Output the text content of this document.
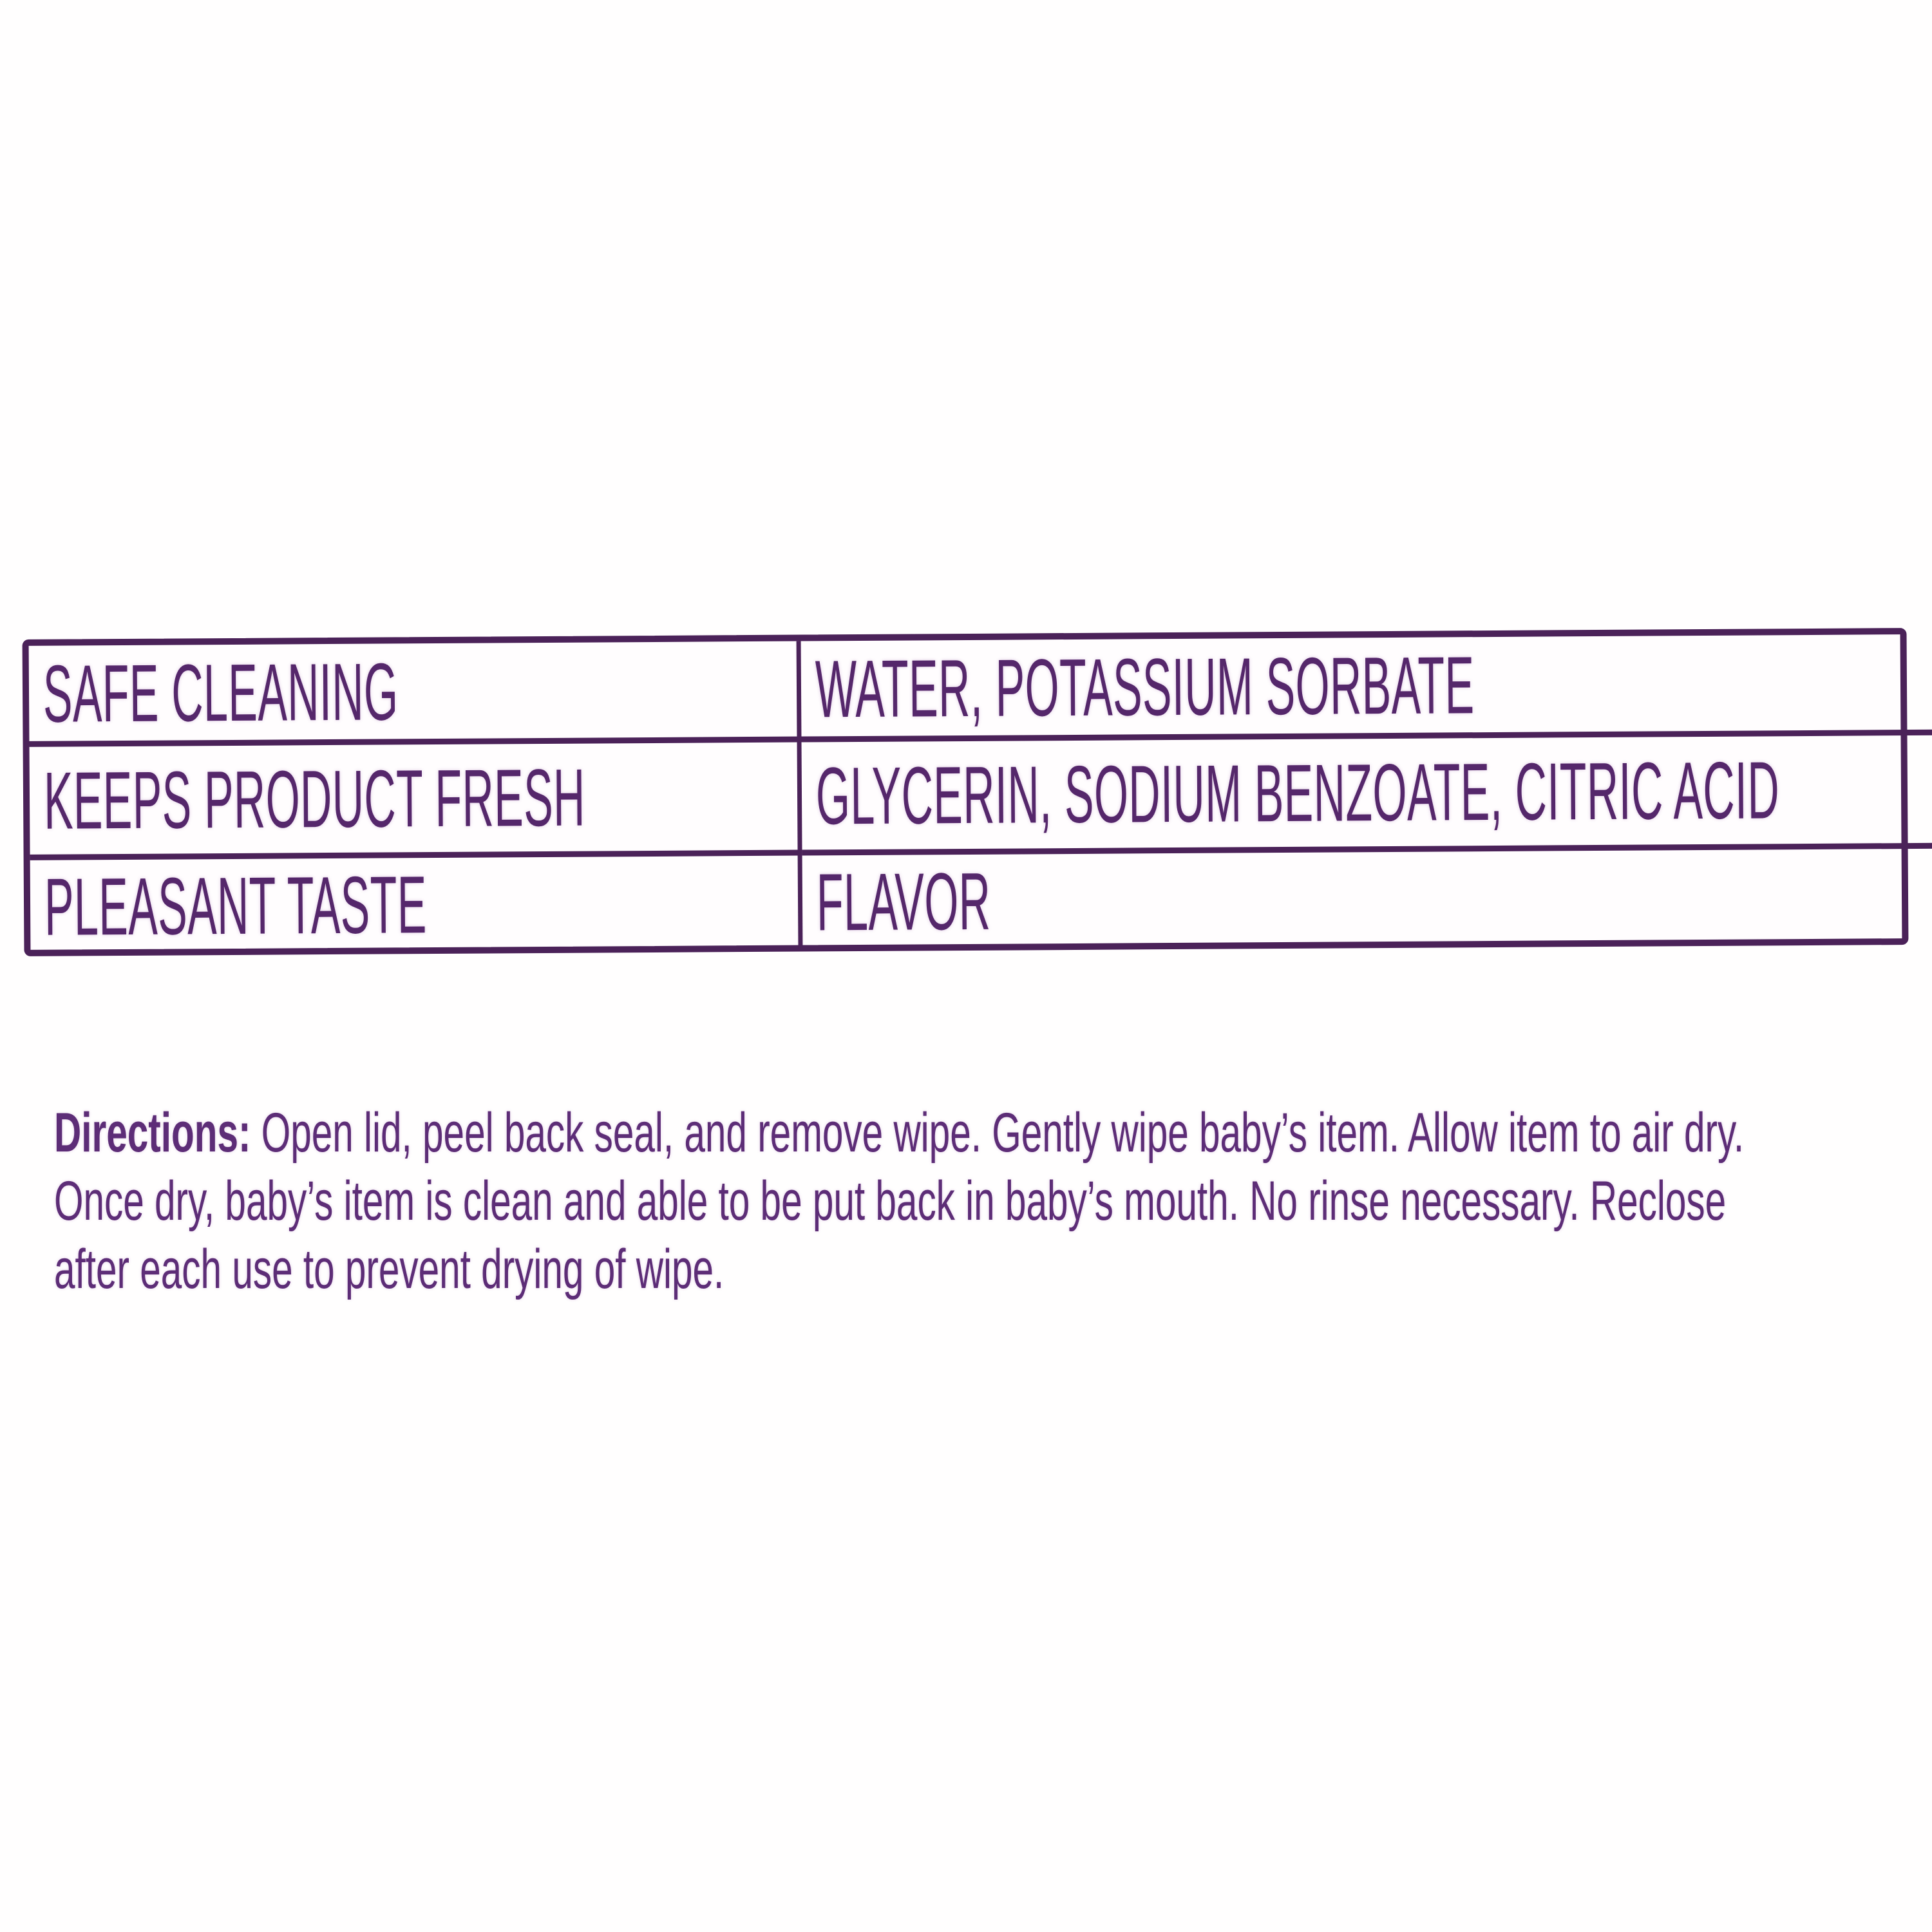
SAFE CLEANING	WATER, POTASSIUM SORBATE
KEEPS PRODUCT FRESH	GLYCERIN, SODIUM BENZOATE, CITRIC ACID
PLEASANT TASTE	FLAVOR
Directions: Open lid, peel back seal, and remove wipe. Gently wipe baby’s item. Allow item to air dry.
Once dry, baby’s item is clean and able to be put back in baby’s mouth. No rinse necessary. Reclose
after each use to prevent drying of wipe.
